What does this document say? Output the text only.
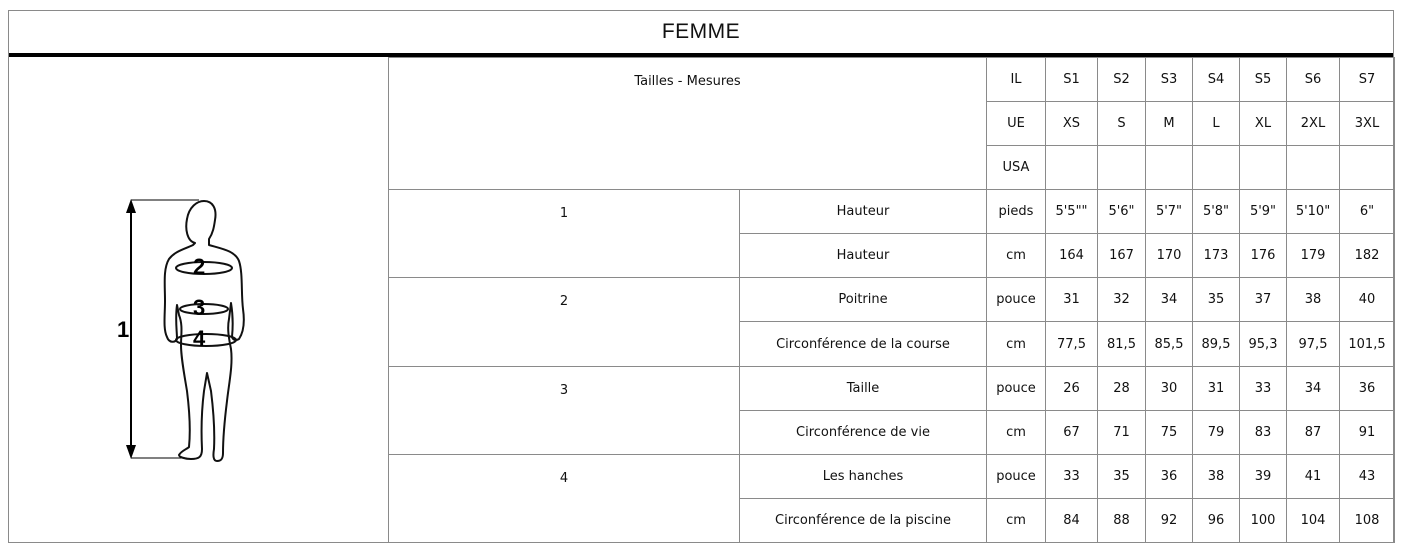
FEMME
1
2
3
4
Tailles - Mesures		IL	S1	S2	S3	S4	S5	S6	S7
		UE	XS	S	M	L	XL	2XL	3XL
		USA							
1	Hauteur	pieds	5'5""	5'6"	5'7"	5'8"	5'9"	5'10"	6"
	Hauteur	cm	164	167	170	173	176	179	182
2	Poitrine	pouce	31	32	34	35	37	38	40
	Circonférence de la course	cm	77,5	81,5	85,5	89,5	95,3	97,5	101,5
3	Taille	pouce	26	28	30	31	33	34	36
	Circonférence de vie	cm	67	71	75	79	83	87	91
4	Les hanches	pouce	33	35	36	38	39	41	43
	Circonférence de la piscine	cm	84	88	92	96	100	104	108
